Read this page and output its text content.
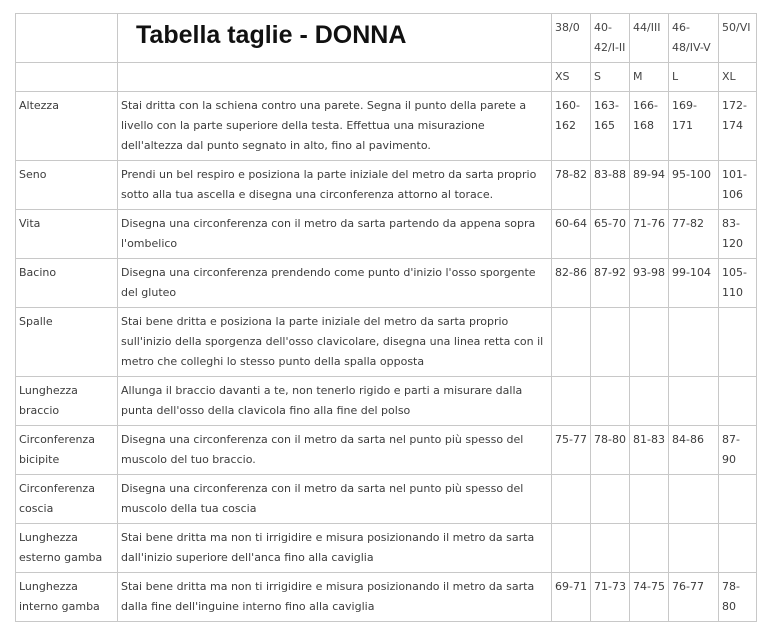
	Tabella taglie - DONNA	38/0	40-42/I-II	44/III	46-48/IV-V	50/VI
		XS	S	M	L	XL
Altezza	Stai dritta con la schiena contro una parete. Segna il punto della parete a livello con la parte superiore della testa. Effettua una misurazione dell'altezza dal punto segnato in alto, fino al pavimento.	160-162	163-165	166-168	169-171	172-174
Seno	Prendi un bel respiro e posiziona la parte iniziale del metro da sarta proprio sotto alla tua ascella e disegna una circonferenza attorno al torace.	78-82	83-88	89-94	95-100	101-106
Vita	Disegna una circonferenza con il metro da sarta partendo da appena sopra l'ombelico	60-64	65-70	71-76	77-82	83-120
Bacino	Disegna una circonferenza prendendo come punto d'inizio l'osso sporgente del gluteo	82-86	87-92	93-98	99-104	105-110
Spalle	Stai bene dritta e posiziona la parte iniziale del metro da sarta proprio sull'inizio della sporgenza dell'osso clavicolare, disegna una linea retta con il metro che colleghi lo stesso punto della spalla opposta					
Lunghezza braccio	Allunga il braccio davanti a te, non tenerlo rigido e parti a misurare dalla punta dell'osso della clavicola fino alla fine del polso					
Circonferenza bicipite	Disegna una circonferenza con il metro da sarta nel punto più spesso del muscolo del tuo braccio.	75-77	78-80	81-83	84-86	87-90
Circonferenza coscia	Disegna una circonferenza con il metro da sarta nel punto più spesso del muscolo della tua coscia					
Lunghezza esterno gamba	Stai bene dritta ma non ti irrigidire e misura posizionando il metro da sarta dall'inizio superiore dell'anca fino alla caviglia					
Lunghezza interno gamba	Stai bene dritta ma non ti irrigidire e misura posizionando il metro da sarta dalla fine dell'inguine interno fino alla caviglia	69-71	71-73	74-75	76-77	78-80
